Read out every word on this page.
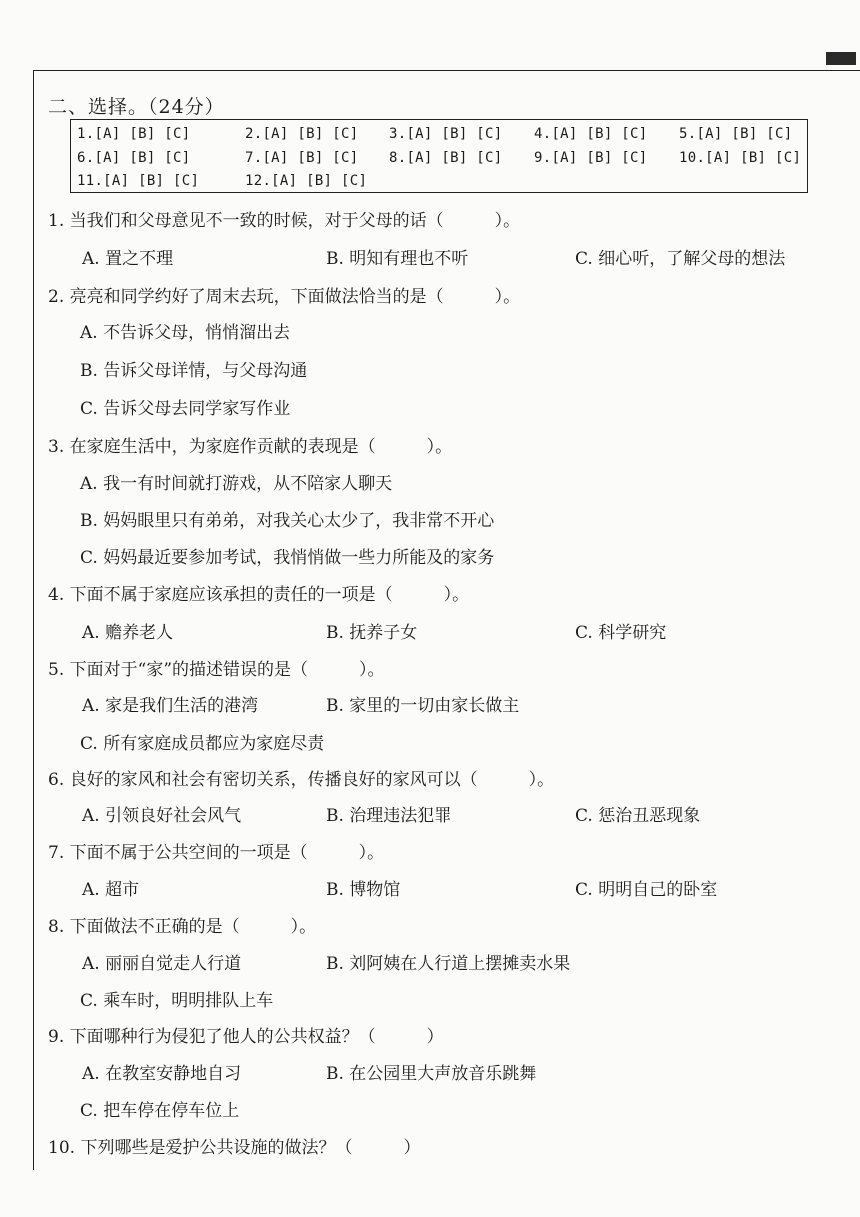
二、选择。（24分）
1.[A] [B] [C]	2.[A] [B] [C] 3.[A] [B] [C] 4.[A] [B] [C] 5.[A] [B] [C]
6.[A] [B] [C]	7.[A] [B] [C] 8.[A] [B] [C] 9.[A] [B] [C] 10.[A] [B] [C]
11.[A] [B] [C]	12.[A] [B] [C]
1. 当我们和父母意见不一致的时候，对于父母的话（　　　）。
A. 置之不理	B. 明知有理也不听	C. 细心听，了解父母的想法
2. 亮亮和同学约好了周末去玩，下面做法恰当的是（　　　）。
A. 不告诉父母，悄悄溜出去
B. 告诉父母详情，与父母沟通
C. 告诉父母去同学家写作业
3. 在家庭生活中，为家庭作贡献的表现是（　　　）。
A. 我一有时间就打游戏，从不陪家人聊天
B. 妈妈眼里只有弟弟，对我关心太少了，我非常不开心
C. 妈妈最近要参加考试，我悄悄做一些力所能及的家务
4. 下面不属于家庭应该承担的责任的一项是（　　　）。
A. 赡养老人	B. 抚养子女	C. 科学研究
5. 下面对于“家”的描述错误的是（　　　）。
A. 家是我们生活的港湾	B. 家里的一切由家长做主
C. 所有家庭成员都应为家庭尽责
6. 良好的家风和社会有密切关系，传播良好的家风可以（　　　）。
A. 引领良好社会风气	B. 治理违法犯罪	C. 惩治丑恶现象
7. 下面不属于公共空间的一项是（　　　）。
A. 超市	B. 博物馆	C. 明明自己的卧室
8. 下面做法不正确的是（　　　）。
A. 丽丽自觉走人行道	B. 刘阿姨在人行道上摆摊卖水果
C. 乘车时，明明排队上车
9. 下面哪种行为侵犯了他人的公共权益？（　　　）
A. 在教室安静地自习	B. 在公园里大声放音乐跳舞
C. 把车停在停车位上
10. 下列哪些是爱护公共设施的做法？（　　　）
